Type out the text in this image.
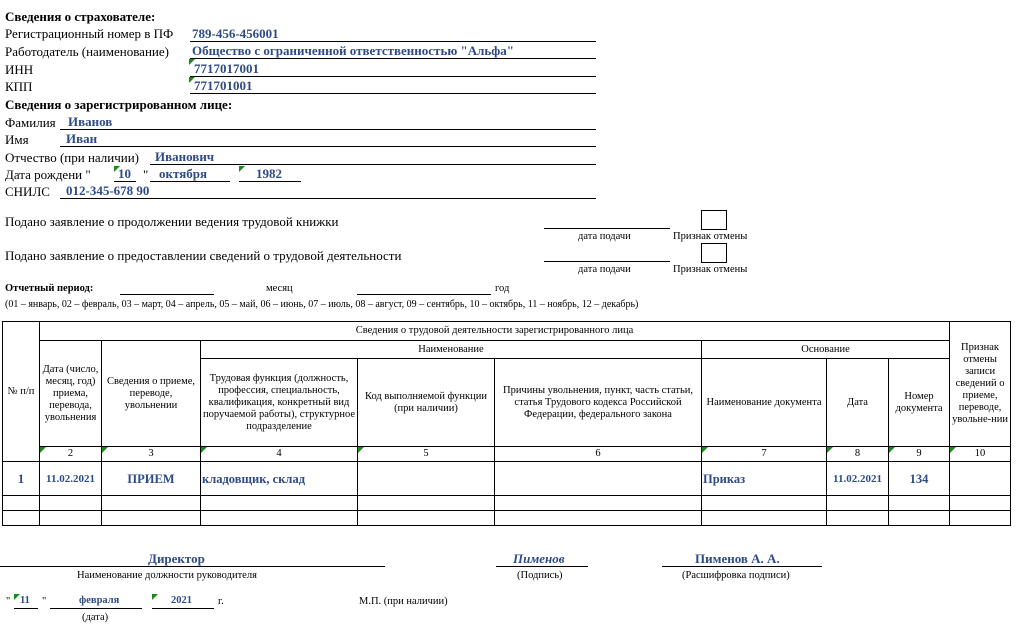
Сведения о страхователе:
Регистрационный номер в ПФ 789-456-456001
Работодатель (наименование) Общество с ограниченной ответственностью "Альфа"
ИНН	7717017001
КПП	771701001
Сведения о зарегистрированном лице:
Фамилия Иванов
Имя	Иван
Отчество (при наличии) Иванович
Дата рождени " 10 " октября	1982
СНИЛС 012-345-678 90
Подано заявление о продолжении ведения трудовой книжки
дата подачи	Признак отмены
Подано заявление о предоставлении сведений о трудовой деятельности
дата подачи	Признак отмены
Отчетный период:	месяц	год
(01 – январь, 02 – февраль, 03 – март, 04 – апрель, 05 – май, 06 – июнь, 07 – июль, 08 – август, 09 – сентябрь, 10 – октябрь, 11 – ноябрь, 12 – декабрь)
№ п/п	Сведения о трудовой деятельности зарегистрированного лица								Признак отмены записи сведений о приеме, переводе, увольне-нии

	Дата (число, месяц, год) приема, перевода, увольнения	Сведения о приеме, переводе, увольнении	Наименование			Основание			

			Трудовая функция (должность, профессия, специальность, квалификация, конкретный вид поручаемой работы), структурное подразделение	Код выполняемой функции (при наличии)	Причины увольнения, пункт, часть статьи, статья Трудового кодекса Российской Федерации, федерального закона	Наименование документа	Дата	Номер документа	

2	3	4	5	6	7	8	9	10
1	11.02.2021	ПРИЕМ	кладовщик, склад			Приказ	11.02.2021	134	

Директор
Наименование должности руководителя
Пименов
(Подпись)
Пименов А. А.
(Расшифровка подписи)
" 11 "	февраля	2021 г.
(дата)
М.П. (при наличии)
